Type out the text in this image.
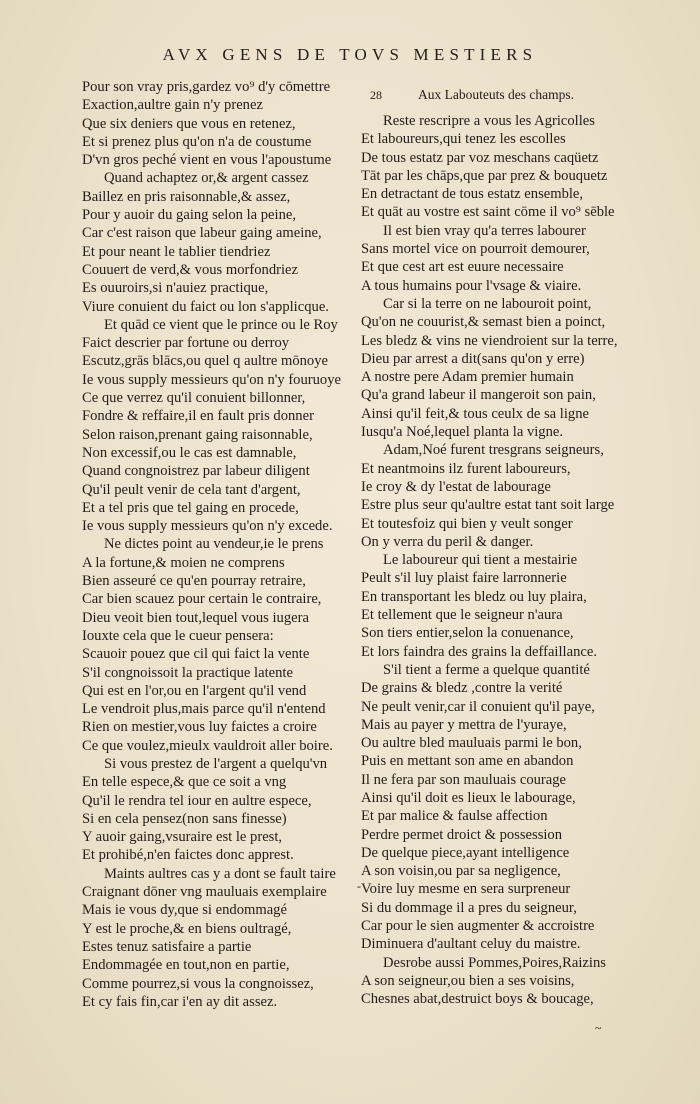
AVX GENS DE TOVS MESTIERS
28	Aux Labouteuts des champs.
Pour son vray pris,gardez vo⁹ d'y cōmettre
Exaction,aultre gain n'y prenez
Que six deniers que vous en retenez,
Et si prenez plus qu'on n'a de coustume
D'vn gros peché vient en vous l'apoustume
Quand achaptez or,& argent cassez
Baillez en pris raisonnable,& assez,
Pour y auoir du gaing selon la peine,
Car c'est raison que labeur gaing ameine,
Et pour neant le tablier tiendriez
Couuert de verd,& vous morfondriez
Es ouuroirs,si n'auiez practique,
Viure conuient du faict ou lon s'applicque.
Et quād ce vient que le prince ou le Roy
Faict descrier par fortune ou derroy
Escutz,grās blācs,ou quel q aultre mōnoye
Ie vous supply messieurs qu'on n'y fouruoye
Ce que verrez qu'il conuient billonner,
Fondre & reffaire,il en fault pris donner
Selon raison,prenant gaing raisonnable,
Non excessif,ou le cas est damnable,
Quand congnoistrez par labeur diligent
Qu'il peult venir de cela tant d'argent,
Et a tel pris que tel gaing en procede,
Ie vous supply messieurs qu'on n'y excede.
Ne dictes point au vendeur,ie le prens
A la fortune,& moien ne comprens
Bien asseuré ce qu'en pourray retraire,
Car bien scauez pour certain le contraire,
Dieu veoit bien tout,lequel vous iugera
Iouxte cela que le cueur pensera:
Scauoir pouez que cil qui faict la vente
S'il congnoissoit la practique latente
Qui est en l'or,ou en l'argent qu'il vend
Le vendroit plus,mais parce qu'il n'entend
Rien on mestier,vous luy faictes a croire
Ce que voulez,mieulx vauldroit aller boire.
Si vous prestez de l'argent a quelqu'vn
En telle espece,& que ce soit a vng
Qu'il le rendra tel iour en aultre espece,
Si en cela pensez(non sans finesse)
Y auoir gaing,vsuraire est le prest,
Et prohibé,n'en faictes donc apprest.
Maints aultres cas y a dont se fault taire
Craignant dōner vng mauluais exemplaire
Mais ie vous dy,que si endommagé
Y est le proche,& en biens oultragé,
Estes tenuz satisfaire a partie
Endommagée en tout,non en partie,
Comme pourrez,si vous la congnoissez,
Et cy fais fin,car i'en ay dit assez.
Reste rescripre a vous les Agricolles
Et laboureurs,qui tenez les escolles
De tous estatz par voz meschans caqüetz
Tāt par les chāps,que par prez & bouquetz
En detractant de tous estatz ensemble,
Et quāt au vostre est saint cōme il vo⁹ sēble
Il est bien vray qu'a terres labourer
Sans mortel vice on pourroit demourer,
Et que cest art est euure necessaire
A tous humains pour l'vsage & viaire.
Car si la terre on ne labouroit point,
Qu'on ne couurist,& semast bien a poinct,
Les bledz & vins ne viendroient sur la terre,
Dieu par arrest a dit(sans qu'on y erre)
A nostre pere Adam premier humain
Qu'a grand labeur il mangeroit son pain,
Ainsi qu'il feit,& tous ceulx de sa ligne
Iusqu'a Noé,lequel planta la vigne.
Adam,Noé furent tresgrans seigneurs,
Et neantmoins ilz furent laboureurs,
Ie croy & dy l'estat de labourage
Estre plus seur qu'aultre estat tant soit large
Et toutesfoiz qui bien y veult songer
On y verra du peril & danger.
Le laboureur qui tient a mestairie
Peult s'il luy plaist faire larronnerie
En transportant les bledz ou luy plaira,
Et tellement que le seigneur n'aura
Son tiers entier,selon la conuenance,
Et lors faindra des grains la deffaillance.
S'il tient a ferme a quelque quantité
De grains & bledz ,contre la verité
Ne peult venir,car il conuient qu'il paye,
Mais au payer y mettra de l'yuraye,
Ou aultre bled mauluais parmi le bon,
Puis en mettant son ame en abandon
Il ne fera par son mauluais courage
Ainsi qu'il doit es lieux le labourage,
Et par malice & faulse affection
Perdre permet droict & possession
De quelque piece,ayant intelligence
A son voisin,ou par sa negligence,
Voire luy mesme en sera surpreneur
Si du dommage il a pres du seigneur,
Car pour le sien augmenter & accroistre
Diminuera d'aultant celuy du maistre.
Desrobe aussi Pommes,Poires,Raizins
A son seigneur,ou bien a ses voisins,
Chesnes abat,destruict boys & boucage,
-
~
